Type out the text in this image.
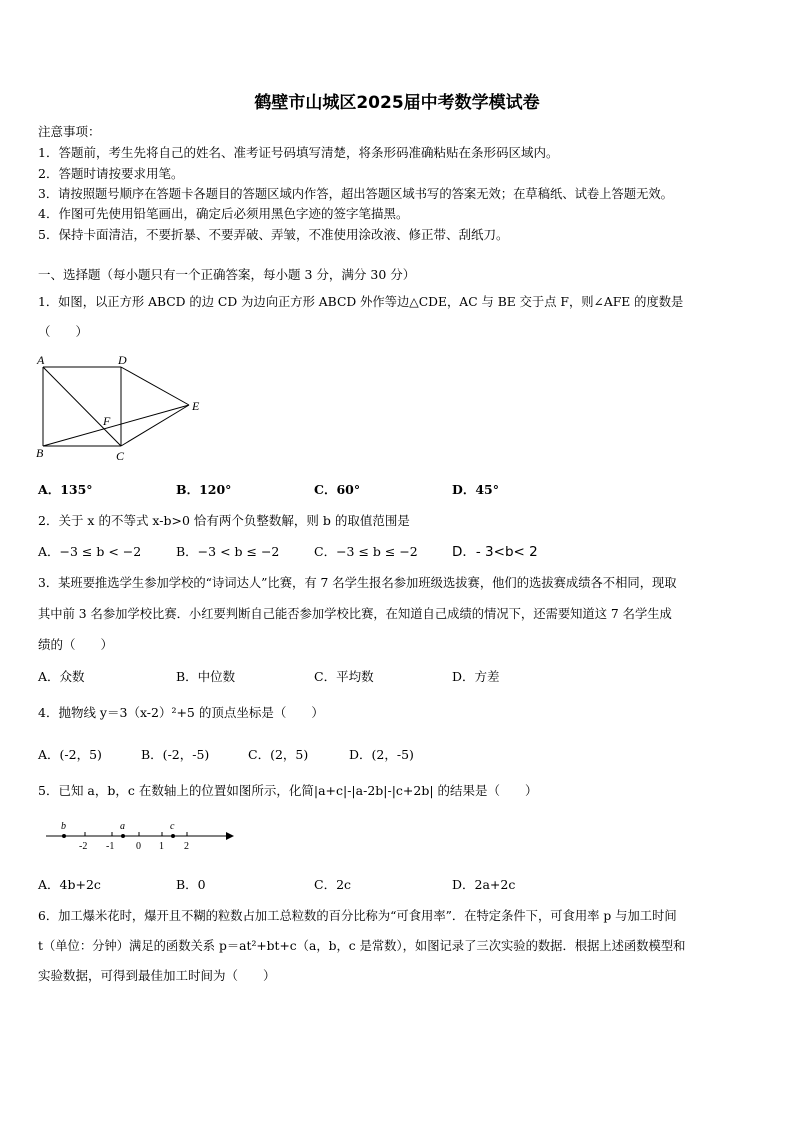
鹤壁市山城区2025届中考数学模试卷
注意事项：
1．答题前，考生先将自己的姓名、准考证号码填写清楚，将条形码准确粘贴在条形码区域内。
2．答题时请按要求用笔。
3．请按照题号顺序在答题卡各题目的答题区域内作答，超出答题区域书写的答案无效；在草稿纸、试卷上答题无效。
4．作图可先使用铅笔画出，确定后必须用黑色字迹的签字笔描黑。
5．保持卡面清洁，不要折暴、不要弄破、弄皱，不准使用涂改液、修正带、刮纸刀。
一、选择题（每小题只有一个正确答案，每小题 3 分，满分 30 分）
1．如图，以正方形 ABCD 的边 CD 为边向正方形 ABCD 外作等边△CDE，AC 与 BE 交于点 F，则∠AFE 的度数是
（　　）
A	D
E
F
B	C
A．135°	B．120°	C．60°	D．45°
2．关于 x 的不等式 x-b>0 恰有两个负整数解，则 b 的取值范围是
A．−3 ≤ b < −2	B．−3 < b ≤ −2	C．−3 ≤ b ≤ −2	D．- 3<b< 2
3．某班要推选学生参加学校的“诗词达人”比赛，有 7 名学生报名参加班级选拔赛，他们的选拔赛成绩各不相同，现取
其中前 3 名参加学校比赛．小红要判断自己能否参加学校比赛，在知道自己成绩的情况下，还需要知道这 7 名学生成
绩的（　　）
A．众数	B．中位数	C．平均数	D．方差
4．抛物线 y＝3（x-2）²+5 的顶点坐标是（　　）
A．(-2，5)	B．(-2，-5)	C．(2，5)	D．(2，-5)
5．已知 a，b，c 在数轴上的位置如图所示，化简|a+c|-|a-2b|-|c+2b| 的结果是（　　）
b	a	c
-2 -1 0 1 2
A．4b+2c	B．0	C．2c	D．2a+2c
6．加工爆米花时，爆开且不糊的粒数占加工总粒数的百分比称为“可食用率”．在特定条件下，可食用率 p 与加工时间
t（单位：分钟）满足的函数关系 p＝at²+bt+c（a，b，c 是常数），如图记录了三次实验的数据．根据上述函数模型和
实验数据，可得到最佳加工时间为（　　）
